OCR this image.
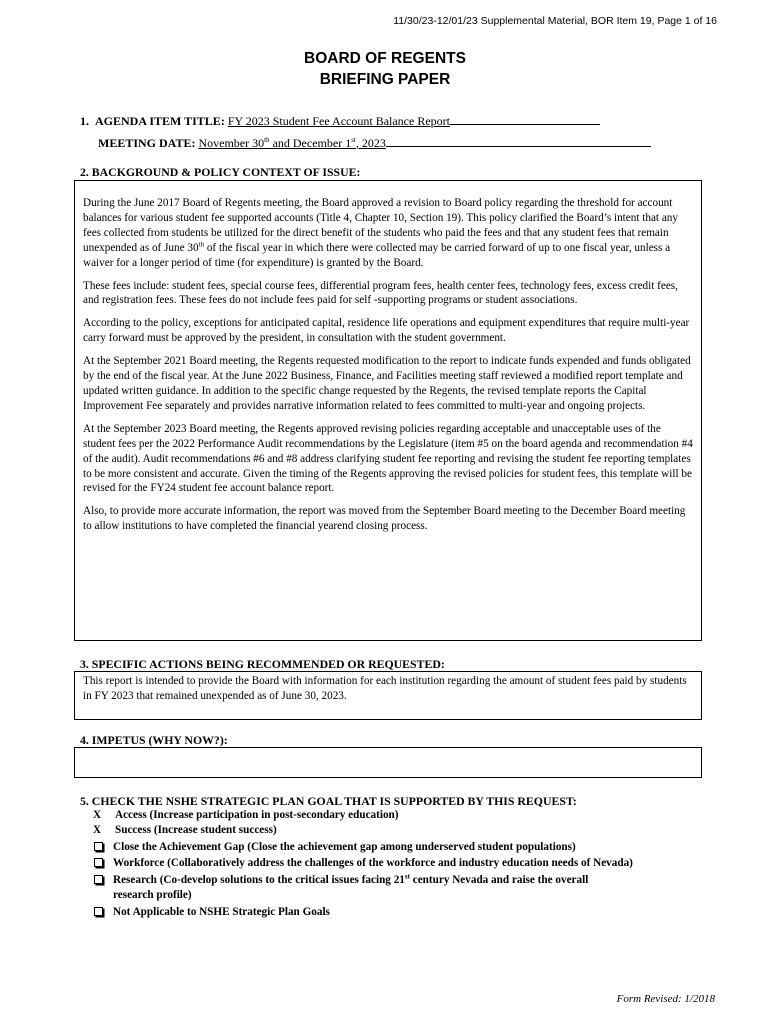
11/30/23-12/01/23 Supplemental Material, BOR Item 19, Page 1 of 16
BOARD OF REGENTS
BRIEFING PAPER
1. AGENDA ITEM TITLE: FY 2023 Student Fee Account Balance Report
MEETING DATE: November 30th and December 1st, 2023
2. BACKGROUND & POLICY CONTEXT OF ISSUE:

During the June 2017 Board of Regents meeting, the Board approved a revision to Board policy regarding the threshold for account balances for various student fee supported accounts (Title 4, Chapter 10, Section 19). This policy clarified the Board’s intent that any fees collected from students be utilized for the direct benefit of the students who paid the fees and that any student fees that remain unexpended as of June 30th of the fiscal year in which there were collected may be carried forward of up to one fiscal year, unless a waiver for a longer period of time (for expenditure) is granted by the Board.

These fees include: student fees, special course fees, differential program fees, health center fees, technology fees, excess credit fees, and registration fees. These fees do not include fees paid for self -supporting programs or student associations.

According to the policy, exceptions for anticipated capital, residence life operations and equipment expenditures that require multi-year carry forward must be approved by the president, in consultation with the student government.

At the September 2021 Board meeting, the Regents requested modification to the report to indicate funds expended and funds obligated by the end of the fiscal year. At the June 2022 Business, Finance, and Facilities meeting staff reviewed a modified report template and updated written guidance. In addition to the specific change requested by the Regents, the revised template reports the Capital Improvement Fee separately and provides narrative information related to fees committed to multi-year and ongoing projects.

At the September 2023 Board meeting, the Regents approved revising policies regarding acceptable and unacceptable uses of the student fees per the 2022 Performance Audit recommendations by the Legislature (item #5 on the board agenda and recommendation #4 of the audit). Audit recommendations #6 and #8 address clarifying student fee reporting and revising the student fee reporting templates to be more consistent and accurate. Given the timing of the Regents approving the revised policies for student fees, this template will be revised for the FY24 student fee account balance report.

Also, to provide more accurate information, the report was moved from the September Board meeting to the December Board meeting to allow institutions to have completed the financial yearend closing process.

3. SPECIFIC ACTIONS BEING RECOMMENDED OR REQUESTED:

This report is intended to provide the Board with information for each institution regarding the amount of student fees paid by students in FY 2023 that remained unexpended as of June 30, 2023.

4. IMPETUS (WHY NOW?):

5. CHECK THE NSHE STRATEGIC PLAN GOAL THAT IS SUPPORTED BY THIS REQUEST:
X	Access (Increase participation in post-secondary education)
X	Success (Increase student success)
Close the Achievement Gap (Close the achievement gap among underserved student populations)
Workforce (Collaboratively address the challenges of the workforce and industry education needs of Nevada)
Research (Co-develop solutions to the critical issues facing 21st century Nevada and raise the overall
research profile)
Not Applicable to NSHE Strategic Plan Goals
Form Revised: 1/2018
